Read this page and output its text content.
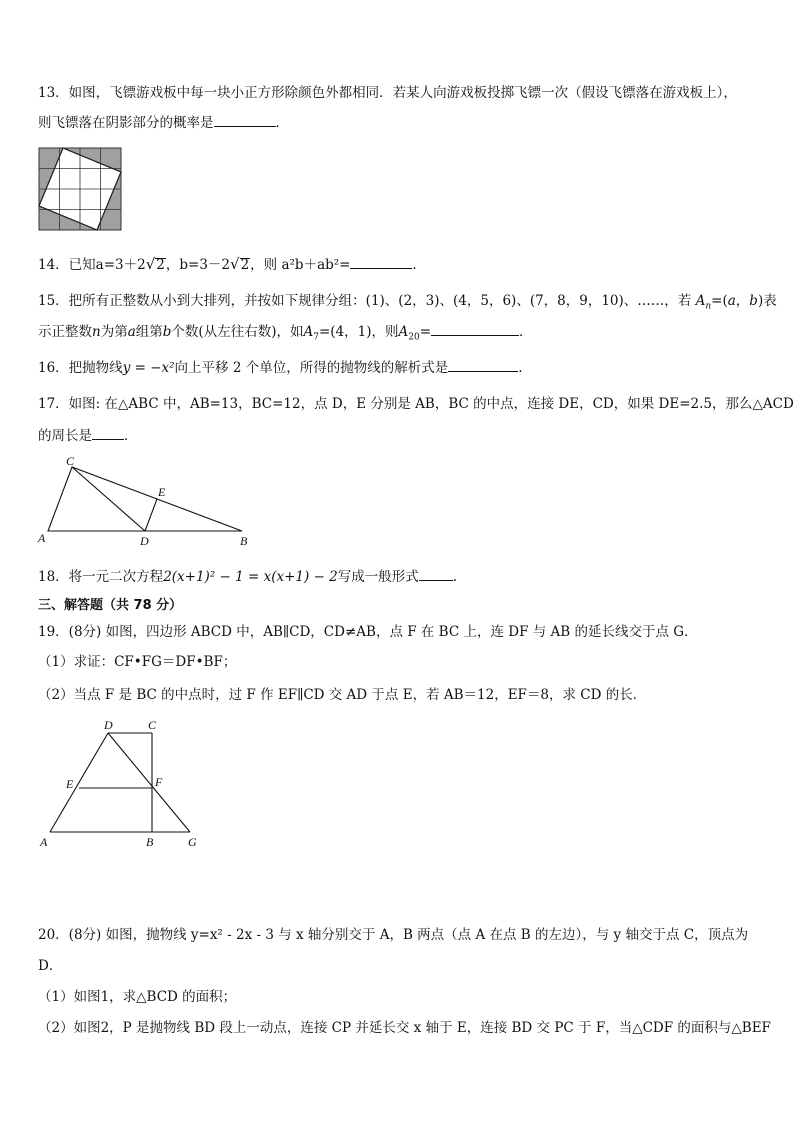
13．如图，飞镖游戏板中每一块小正方形除颜色外都相同．若某人向游戏板投掷飞镖一次（假设飞镖落在游戏板上），
则飞镖落在阴影部分的概率是	．
14．已知a=3＋2√2，b=3－2√2，则 a²b＋ab²=	．
15．把所有正整数从小到大排列，并按如下规律分组：(1)、(2，3)、(4，5，6)、(7，8，9，10)、……，若 $A_n=(a$，b)表
示正整数n为第a组第b个数(从左往右数)，如$A_7=(4$，1)，则$A_{20}=$	．
16．把抛物线y = −x²向上平移 2 个单位，所得的抛物线的解析式是	.
17．如图: 在△ABC 中，AB=13，BC=12，点 D，E 分别是 AB，BC 的中点，连接 DE，CD，如果 DE=2.5，那么△ACD
的周长是 ．
C
E
A	D	B
18．将一元二次方程2(x+1)² − 1 = x(x+1) − 2写成一般形式	.
三、解答题（共 78 分）
19．(8分) 如图，四边形 ABCD 中，AB∥CD，CD≠AB，点 F 在 BC 上，连 DF 与 AB 的延长线交于点 G．
（1）求证：CF•FG＝DF•BF；
（2）当点 F 是 BC 的中点时，过 F 作 EF∥CD 交 AD 于点 E，若 AB＝12，EF＝8，求 CD 的长．
D	C
E	F
A	B	G
20．(8分) 如图，抛物线 y=x² - 2x - 3 与 x 轴分别交于 A，B 两点（点 A 在点 B 的左边），与 y 轴交于点 C，顶点为
D．
（1）如图1，求△BCD 的面积；
（2）如图2，P 是抛物线 BD 段上一动点，连接 CP 并延长交 x 轴于 E，连接 BD 交 PC 于 F，当△CDF 的面积与△BEF
